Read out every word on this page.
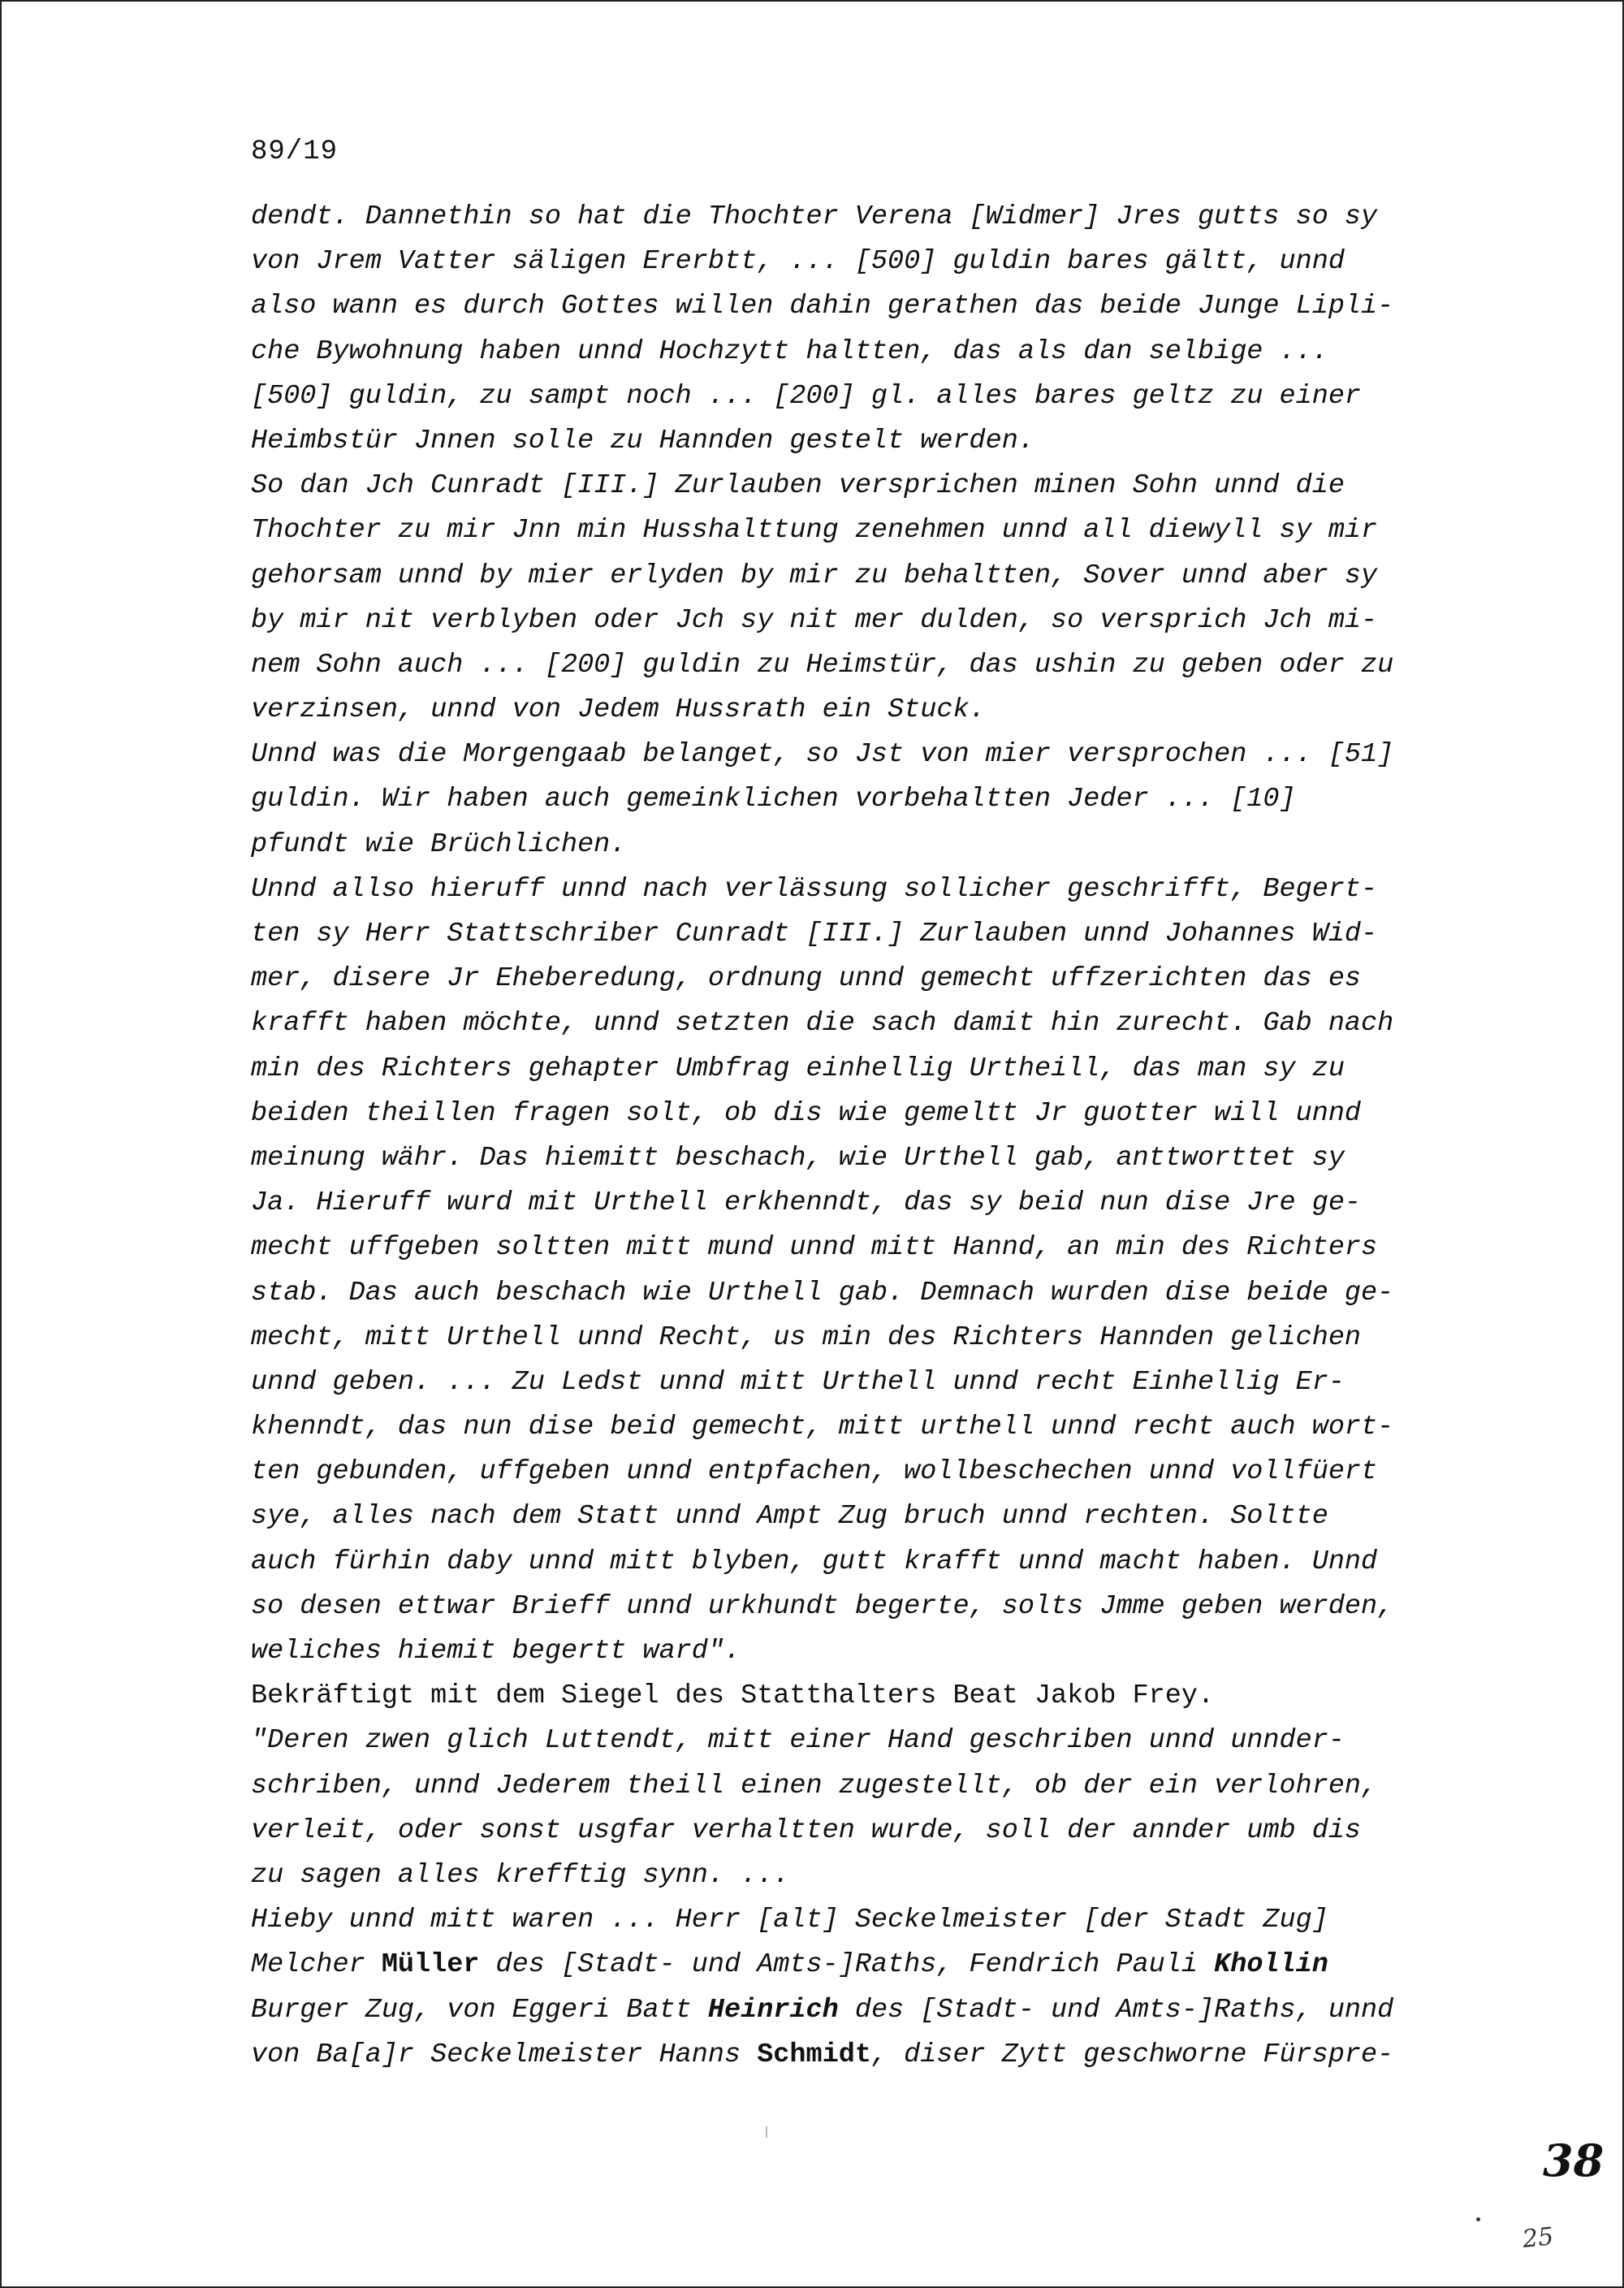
89/19
dendt. Dannethin so hat die Thochter Verena [Widmer] Jres gutts so sy
von Jrem Vatter säligen Ererbtt, ... [500] guldin bares gältt, unnd
also wann es durch Gottes willen dahin gerathen das beide Junge Lipli-
che Bywohnung haben unnd Hochzytt haltten, das als dan selbige ...
[500] guldin, zu sampt noch ... [200] gl. alles bares geltz zu einer
Heimbstür Jnnen solle zu Hannden gestelt werden.
So dan Jch Cunradt [III.] Zurlauben versprichen minen Sohn unnd die
Thochter zu mir Jnn min Husshalttung zenehmen unnd all diewyll sy mir
gehorsam unnd by mier erlyden by mir zu behaltten, Sover unnd aber sy
by mir nit verblyben oder Jch sy nit mer dulden, so versprich Jch mi-
nem Sohn auch ... [200] guldin zu Heimstür, das ushin zu geben oder zu
verzinsen, unnd von Jedem Hussrath ein Stuck.
Unnd was die Morgengaab belanget, so Jst von mier versprochen ... [51]
guldin. Wir haben auch gemeinklichen vorbehaltten Jeder ... [10]
pfundt wie Brüchlichen.
Unnd allso hieruff unnd nach verlässung sollicher geschrifft, Begert-
ten sy Herr Stattschriber Cunradt [III.] Zurlauben unnd Johannes Wid-
mer, disere Jr Eheberedung, ordnung unnd gemecht uffzerichten das es
krafft haben möchte, unnd setzten die sach damit hin zurecht. Gab nach
min des Richters gehapter Umbfrag einhellig Urtheill, das man sy zu
beiden theillen fragen solt, ob dis wie gemeltt Jr guotter will unnd
meinung währ. Das hiemitt beschach, wie Urthell gab, anttworttet sy
Ja. Hieruff wurd mit Urthell erkhenndt, das sy beid nun dise Jre ge-
mecht uffgeben soltten mitt mund unnd mitt Hannd, an min des Richters
stab. Das auch beschach wie Urthell gab. Demnach wurden dise beide ge-
mecht, mitt Urthell unnd Recht, us min des Richters Hannden gelichen
unnd geben. ... Zu Ledst unnd mitt Urthell unnd recht Einhellig Er-
khenndt, das nun dise beid gemecht, mitt urthell unnd recht auch wort-
ten gebunden, uffgeben unnd entpfachen, wollbeschechen unnd vollfüert
sye, alles nach dem Statt unnd Ampt Zug bruch unnd rechten. Soltte
auch fürhin daby unnd mitt blyben, gutt krafft unnd macht haben. Unnd
so desen ettwar Brieff unnd urkhundt begerte, solts Jmme geben werden,
weliches hiemit begertt ward".
Bekräftigt mit dem Siegel des Statthalters Beat Jakob Frey.
"Deren zwen glich Luttendt, mitt einer Hand geschriben unnd unnder-
schriben, unnd Jederem theill einen zugestellt, ob der ein verlohren,
verleit, oder sonst usgfar verhaltten wurde, soll der annder umb dis
zu sagen alles krefftig synn. ...
Hieby unnd mitt waren ... Herr [alt] Seckelmeister [der Stadt Zug]
Melcher Müller des [Stadt- und Amts-]Raths, Fendrich Pauli Khollin
Burger Zug, von Eggeri Batt Heinrich des [Stadt- und Amts-]Raths, unnd
von Ba[a]r Seckelmeister Hanns Schmidt, diser Zytt geschworne Fürspre-
38
25
